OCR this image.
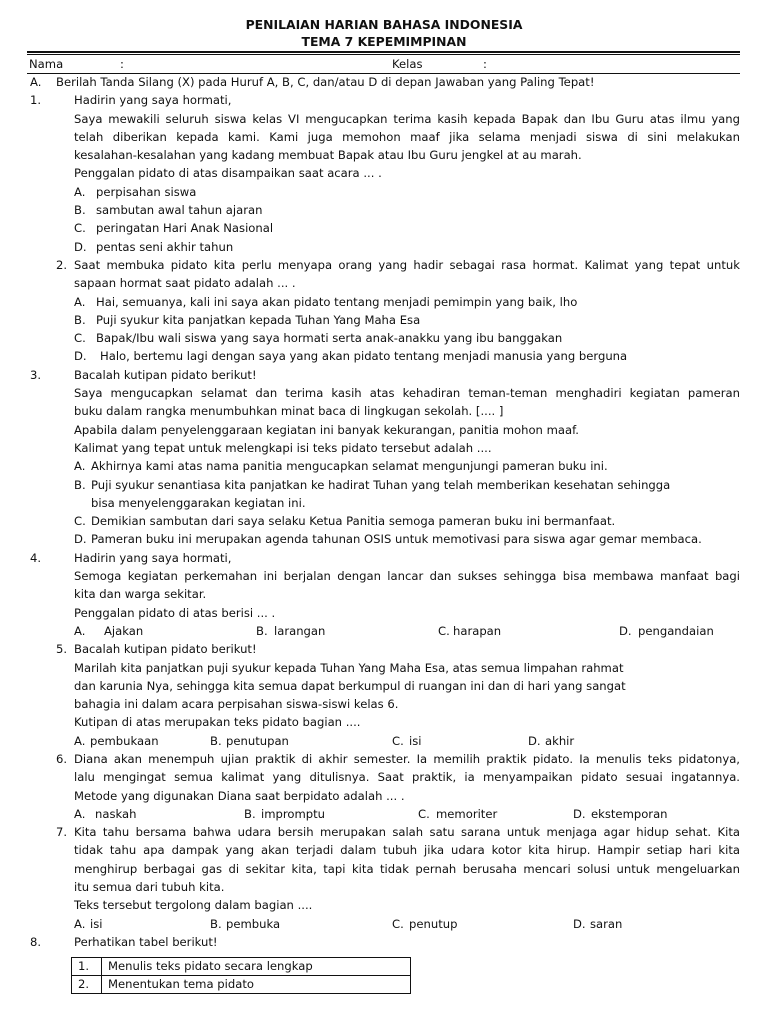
PENILAIAN HARIAN BAHASA INDONESIA
TEMA 7 KEPEMIMPINAN
Nama	:	Kelas	:
A. Berilah Tanda Silang (X) pada Huruf A, B, C, dan/atau D di depan Jawaban yang Paling Tepat!
1.	Hadirin yang saya hormati,
Saya mewakili seluruh siswa kelas VI mengucapkan terima kasih kepada Bapak dan Ibu Guru atas ilmu yang
telah diberikan kepada kami. Kami juga memohon maaf jika selama menjadi siswa di sini melakukan
kesalahan-kesalahan yang kadang membuat Bapak atau Ibu Guru jengkel at au marah.
Penggalan pidato di atas disampaikan saat acara ... .
A. perpisahan siswa
B. sambutan awal tahun ajaran
C. peringatan Hari Anak Nasional
D. pentas seni akhir tahun
2. Saat membuka pidato kita perlu menyapa orang yang hadir sebagai rasa hormat. Kalimat yang tepat untuk
sapaan hormat saat pidato adalah ... .
A. Hai, semuanya, kali ini saya akan pidato tentang menjadi pemimpin yang baik, lho
B. Puji syukur kita panjatkan kepada Tuhan Yang Maha Esa
C. Bapak/Ibu wali siswa yang saya hormati serta anak-anakku yang ibu banggakan
D. Halo, bertemu lagi dengan saya yang akan pidato tentang menjadi manusia yang berguna
3.	Bacalah kutipan pidato berikut!
Saya mengucapkan selamat dan terima kasih atas kehadiran teman-teman menghadiri kegiatan pameran
buku dalam rangka menumbuhkan minat baca di lingkugan sekolah. [.... ]
Apabila dalam penyelenggaraan kegiatan ini banyak kekurangan, panitia mohon maaf.
Kalimat yang tepat untuk melengkapi isi teks pidato tersebut adalah ....
A. Akhirnya kami atas nama panitia mengucapkan selamat mengunjungi pameran buku ini.
B. Puji syukur senantiasa kita panjatkan ke hadirat Tuhan yang telah memberikan kesehatan sehingga
bisa menyelenggarakan kegiatan ini.
C. Demikian sambutan dari saya selaku Ketua Panitia semoga pameran buku ini bermanfaat.
D. Pameran buku ini merupakan agenda tahunan OSIS untuk memotivasi para siswa agar gemar membaca.
4.	Hadirin yang saya hormati,
Semoga kegiatan perkemahan ini berjalan dengan lancar dan sukses sehingga bisa membawa manfaat bagi
kita dan warga sekitar.
Penggalan pidato di atas berisi ... .
A. Ajakan	B. larangan	C. harapan	D. pengandaian
5. Bacalah kutipan pidato berikut!
Marilah kita panjatkan puji syukur kepada Tuhan Yang Maha Esa, atas semua limpahan rahmat
dan karunia Nya, sehingga kita semua dapat berkumpul di ruangan ini dan di hari yang sangat
bahagia ini dalam acara perpisahan siswa-siswi kelas 6.
Kutipan di atas merupakan teks pidato bagian ....
A. pembukaan	B. penutupan	C. isi	D. akhir
6. Diana akan menempuh ujian praktik di akhir semester. Ia memilih praktik pidato. Ia menulis teks pidatonya,
lalu mengingat semua kalimat yang ditulisnya. Saat praktik, ia menyampaikan pidato sesuai ingatannya.
Metode yang digunakan Diana saat berpidato adalah ... .
A. naskah	B. impromptu	C. memoriter	D. ekstemporan
7. Kita tahu bersama bahwa udara bersih merupakan salah satu sarana untuk menjaga agar hidup sehat. Kita
tidak tahu apa dampak yang akan terjadi dalam tubuh jika udara kotor kita hirup. Hampir setiap hari kita
menghirup berbagai gas di sekitar kita, tapi kita tidak pernah berusaha mencari solusi untuk mengeluarkan
itu semua dari tubuh kita.
Teks tersebut tergolong dalam bagian ....
A. isi	B. pembuka	C. penutup	D. saran
8.	Perhatikan tabel berikut!
1.	Menulis teks pidato secara lengkap
2.	Menentukan tema pidato
